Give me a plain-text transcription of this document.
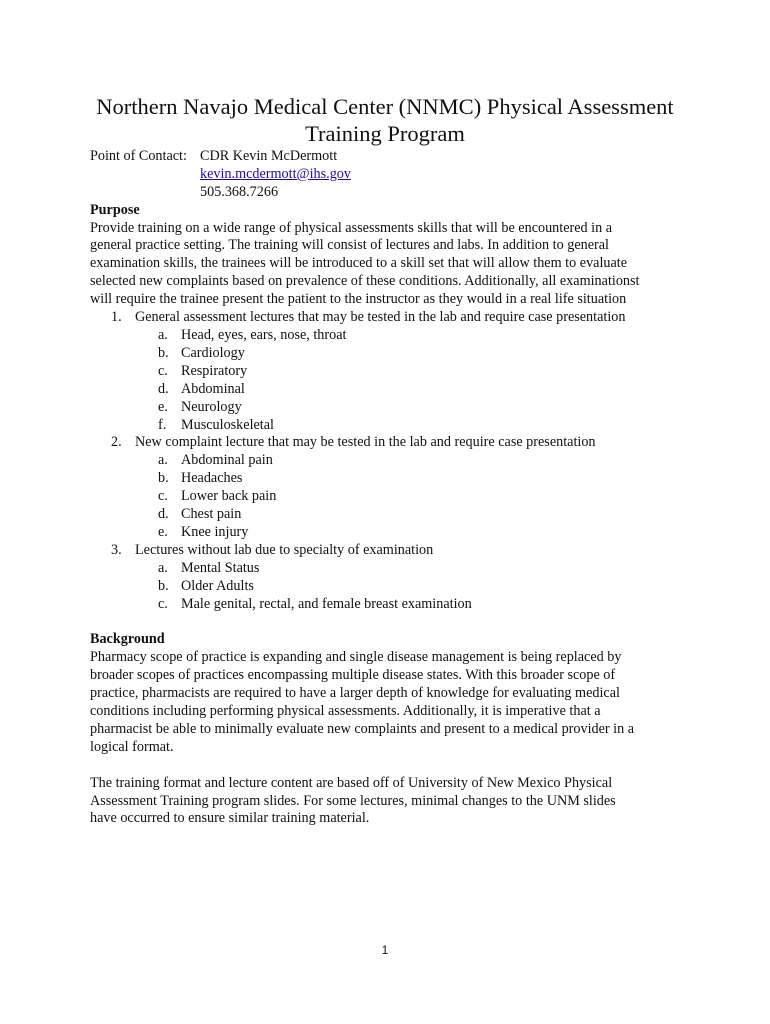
Northern Navajo Medical Center (NNMC) Physical Assessment
Training Program
Point of Contact: CDR Kevin McDermott
kevin.mcdermott@ihs.gov
505.368.7266
Purpose
Provide training on a wide range of physical assessments skills that will be encountered in a
general practice setting. The training will consist of lectures and labs. In addition to general
examination skills, the trainees will be introduced to a skill set that will allow them to evaluate
selected new complaints based on prevalence of these conditions. Additionally, all examinationst
will require the trainee present the patient to the instructor as they would in a real life situation
1. General assessment lectures that may be tested in the lab and require case presentation
a. Head, eyes, ears, nose, throat
b. Cardiology
c. Respiratory
d. Abdominal
e. Neurology
f. Musculoskeletal
2. New complaint lecture that may be tested in the lab and require case presentation
a. Abdominal pain
b. Headaches
c. Lower back pain
d. Chest pain
e. Knee injury
3. Lectures without lab due to specialty of examination
a. Mental Status
b. Older Adults
c. Male genital, rectal, and female breast examination
Background
Pharmacy scope of practice is expanding and single disease management is being replaced by
broader scopes of practices encompassing multiple disease states. With this broader scope of
practice, pharmacists are required to have a larger depth of knowledge for evaluating medical
conditions including performing physical assessments. Additionally, it is imperative that a
pharmacist be able to minimally evaluate new complaints and present to a medical provider in a
logical format.
The training format and lecture content are based off of University of New Mexico Physical
Assessment Training program slides. For some lectures, minimal changes to the UNM slides
have occurred to ensure similar training material.
1
